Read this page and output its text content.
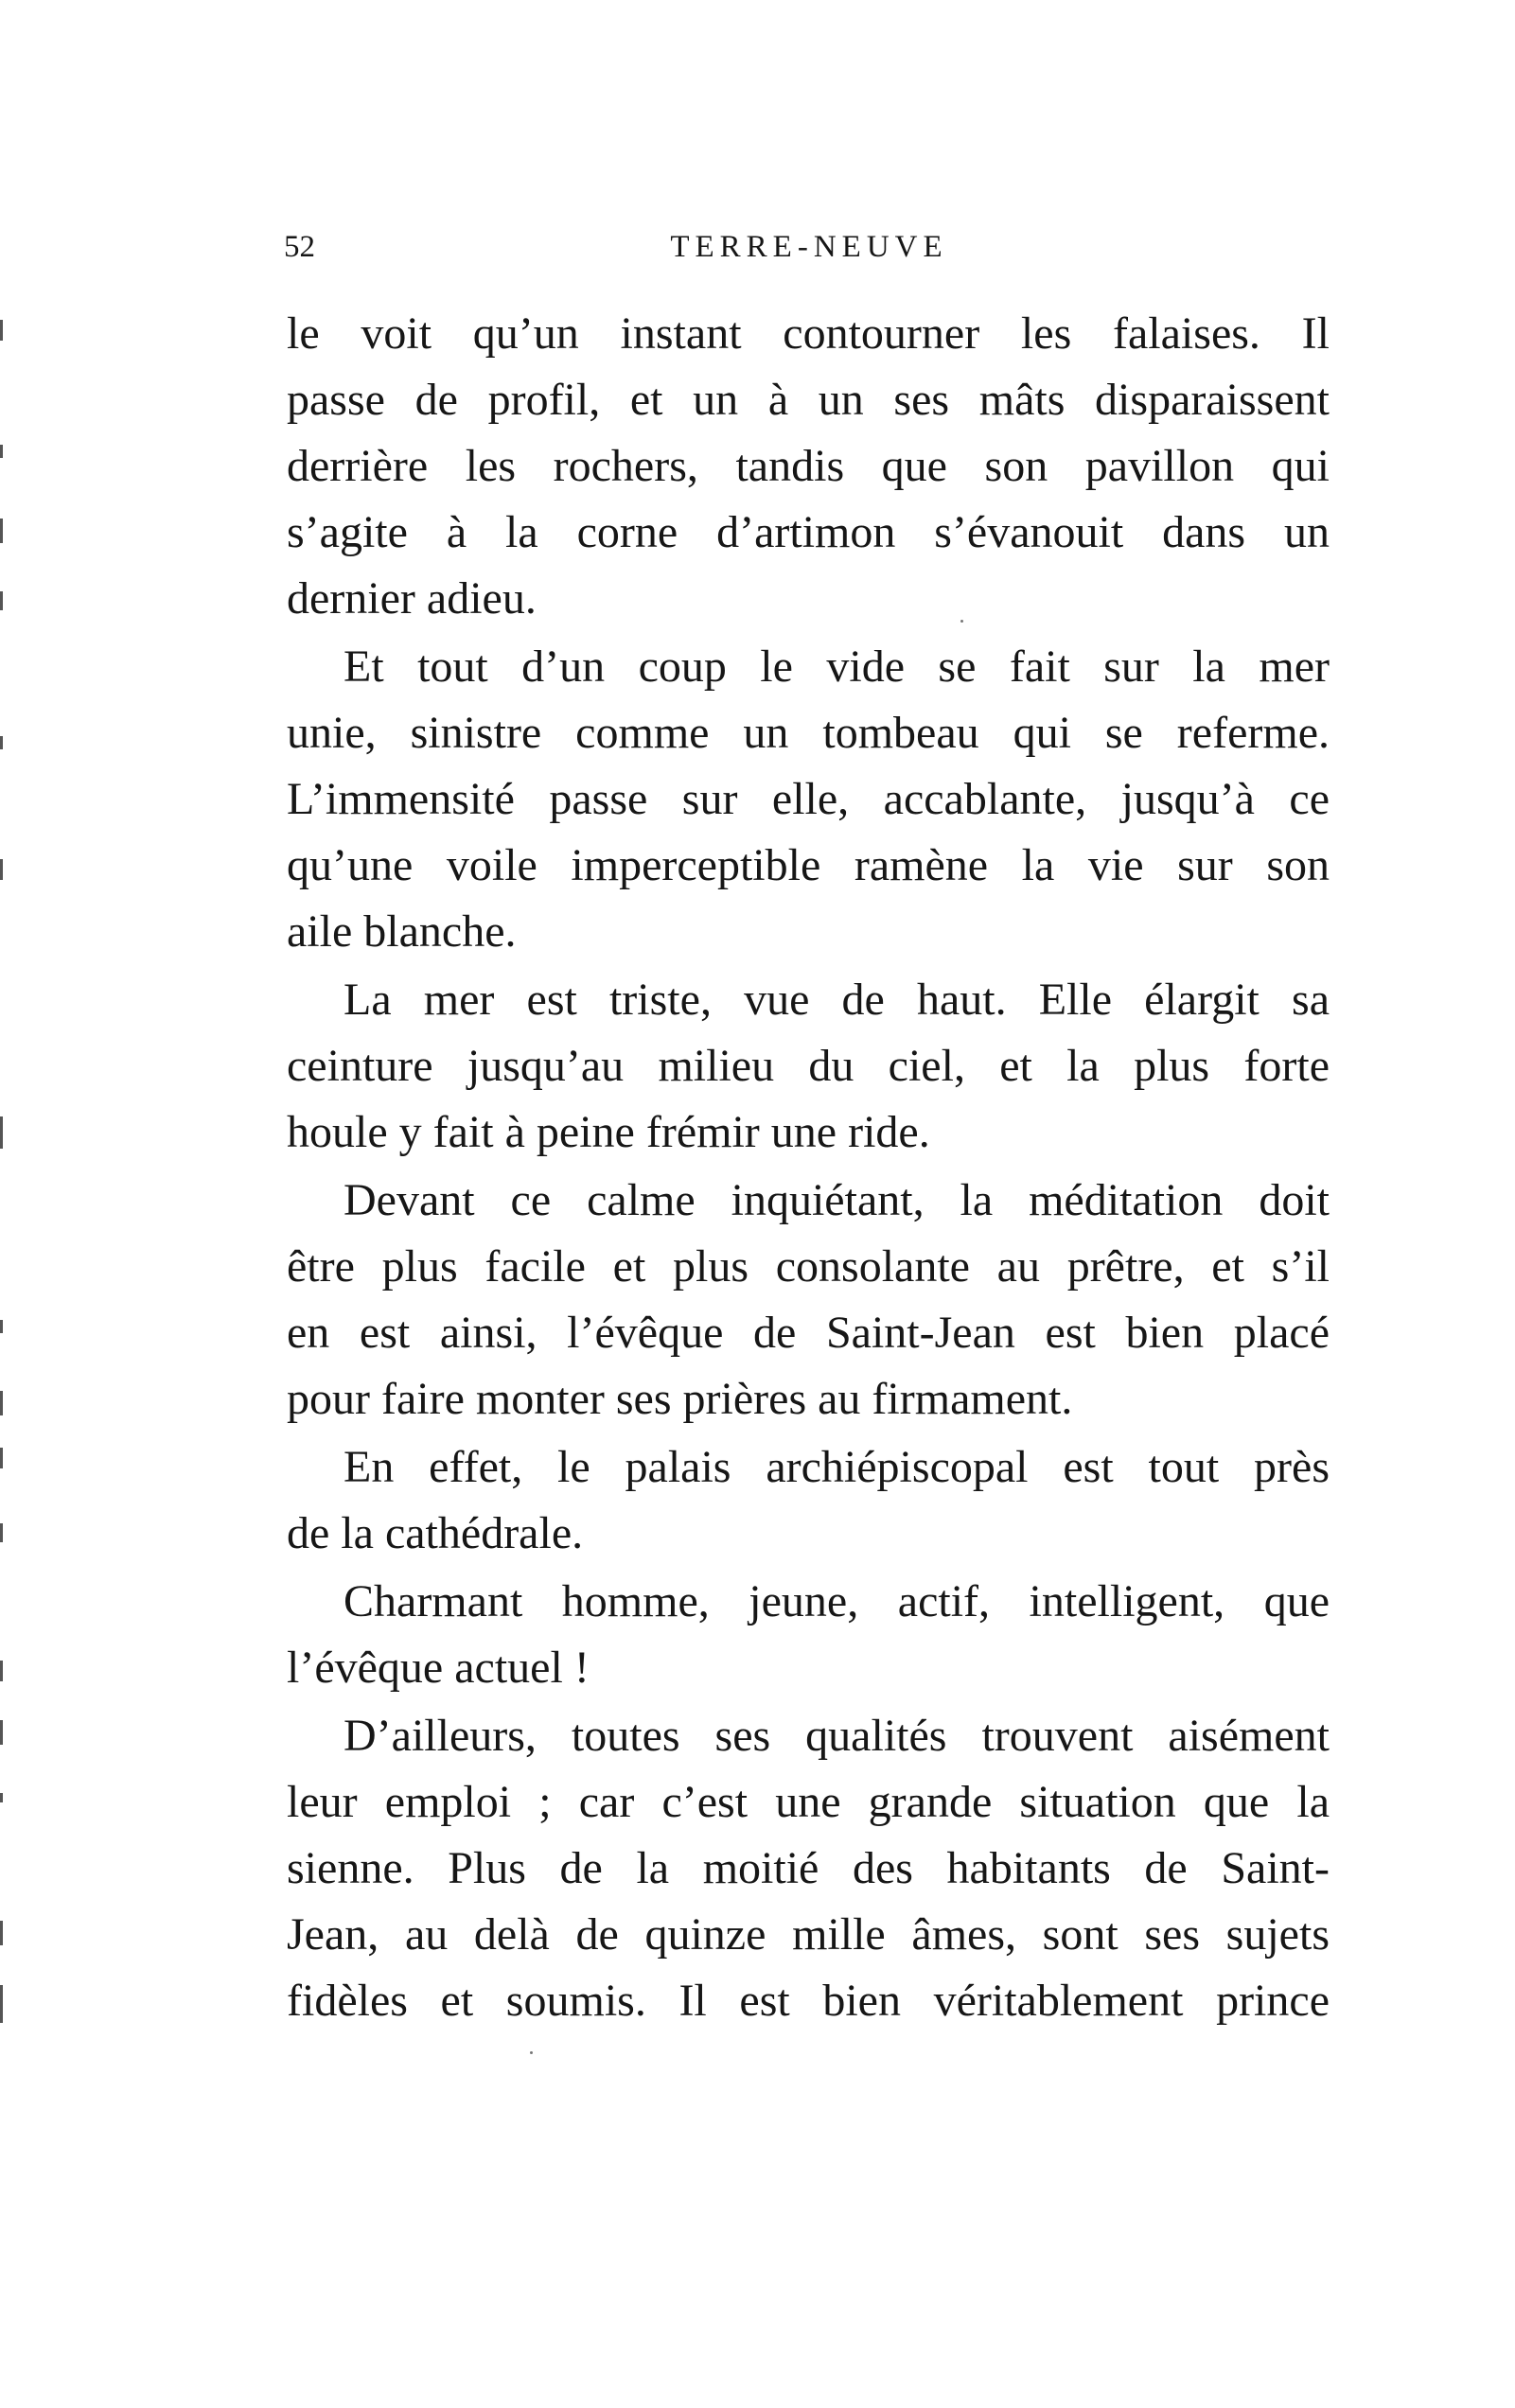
52	TERRE-NEUVE
le voit qu’un instant contourner les falaises. Il
passe de profil, et un à un ses mâts disparaissent
derrière les rochers, tandis que son pavillon qui
s’agite à la corne d’artimon s’évanouit dans un
dernier adieu.
Et tout d’un coup le vide se fait sur la mer
unie, sinistre comme un tombeau qui se referme.
L’immensité passe sur elle, accablante, jusqu’à ce
qu’une voile imperceptible ramène la vie sur son
aile blanche.
La mer est triste, vue de haut. Elle élargit sa
ceinture jusqu’au milieu du ciel, et la plus forte
houle y fait à peine frémir une ride.
Devant ce calme inquiétant, la méditation doit
être plus facile et plus consolante au prêtre, et s’il
en est ainsi, l’évêque de Saint-Jean est bien placé
pour faire monter ses prières au firmament.
En effet, le palais archiépiscopal est tout près
de la cathédrale.
Charmant homme, jeune, actif, intelligent, que
l’évêque actuel !
D’ailleurs, toutes ses qualités trouvent aisément
leur emploi ; car c’est une grande situation que la
sienne. Plus de la moitié des habitants de Saint-
Jean, au delà de quinze mille âmes, sont ses sujets
fidèles et soumis. Il est bien véritablement prince
